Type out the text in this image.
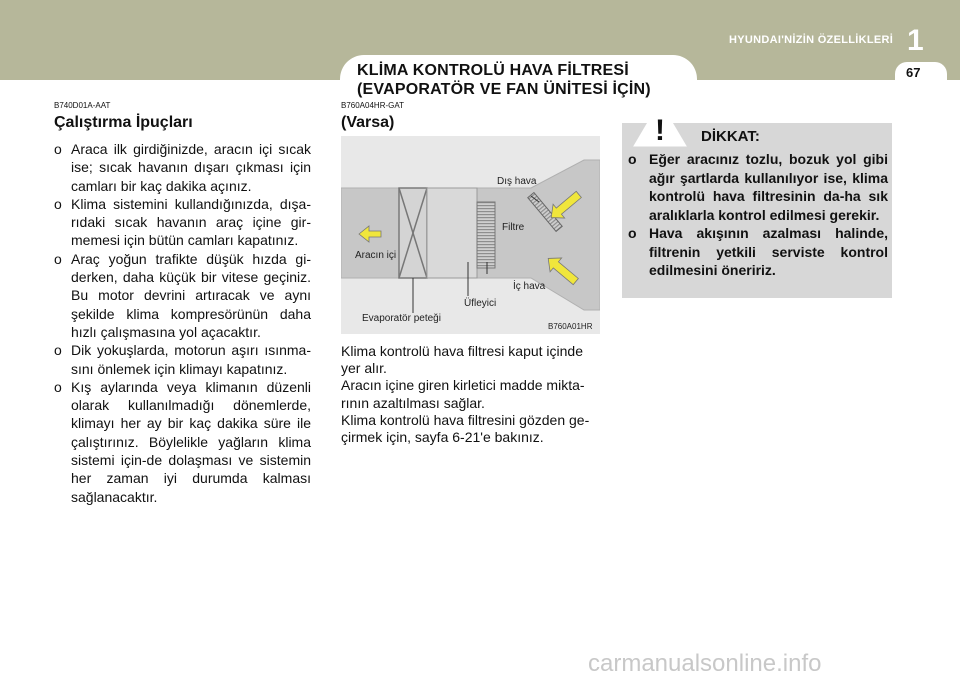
KLİMA KONTROLÜ HAVA FİLTRESİ
(EVAPORATÖR VE FAN ÜNİTESİ İÇİN)
HYUNDAI'NİZİN ÖZELLİKLERİ 1
67
B740D01A-AAT
Çalıştırma İpuçları
o Araca ilk girdiğinizde, aracın içi sıcak ise; sıcak havanın dışarı çıkması için camları bir kaç dakika açınız.
o Klima sistemini kullandığınızda, dışa-rıdaki sıcak havanın araç içine gir-memesi için bütün camları kapatınız.
o Araç yoğun trafikte düşük hızda gi-derken, daha küçük bir vitese geçiniz. Bu motor devrini artıracak ve aynı şekilde klima kompresörünün daha hızlı çalışmasına yol açacaktır.
o Dik yokuşlarda, motorun aşırı ısınma-sını önlemek için klimayı kapatınız.
o Kış aylarında veya klimanın düzenli olarak kullanılmadığı dönemlerde, klimayı her ay bir kaç dakika süre ile çalıştırınız. Böylelikle yağların klima sistemi için-de dolaşması ve sistemin her zaman iyi durumda kalması sağlanacaktır.
B760A04HR-GAT
(Varsa)
Dış hava
Filtre
Aracın içi
İç hava
Üfleyici
Evaporatör peteği
B760A01HR

Klima kontrolü hava filtresi kaput içinde yer alır.
Aracın içine giren kirletici madde mikta-rının azaltılması sağlar.
Klima kontrolü hava filtresini gözden ge-çirmek için, sayfa 6-21'e bakınız.

! DİKKAT:
o Eğer aracınız tozlu, bozuk yol gibi ağır şartlarda kullanılıyor ise, klima kontrolü hava filtresinin da-ha sık aralıklarla kontrol edilmesi gerekir.
o Hava akışının azalması halinde, filtrenin yetkili serviste kontrol edilmesini öneririz.
carmanualsonline.info
